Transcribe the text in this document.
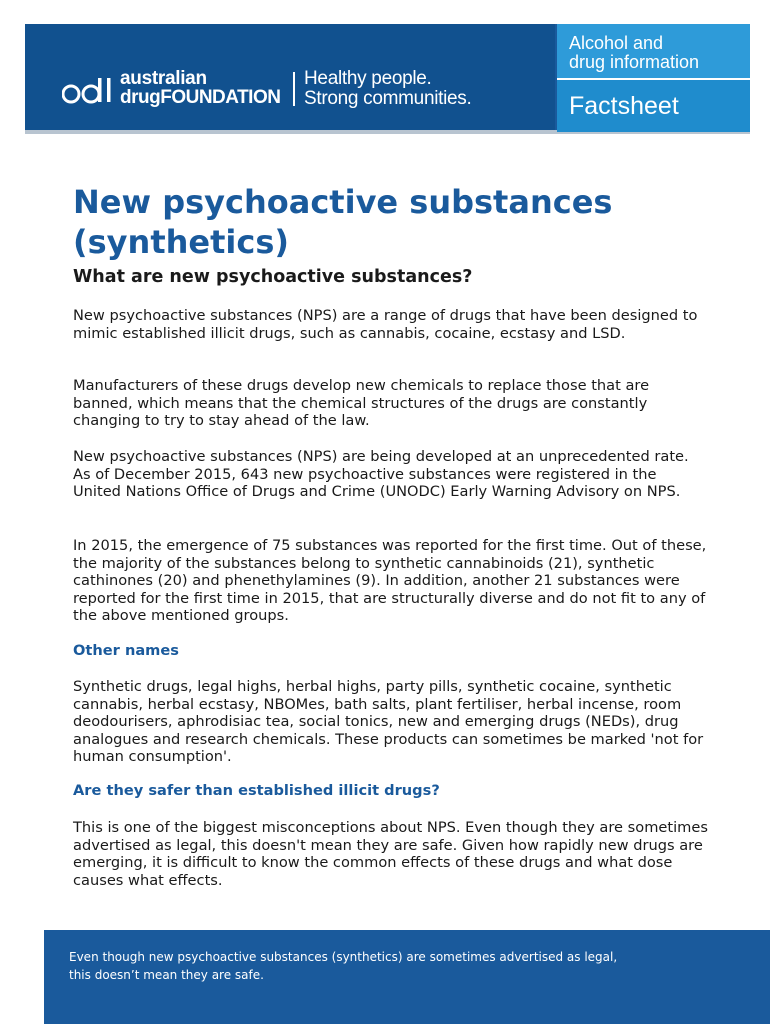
australian
drugFOUNDATION
Healthy people.
Strong communities.
Alcohol and
drug information
Factsheet
New psychoactive substances (synthetics)
What are new psychoactive substances?

New psychoactive substances (NPS) are a range of drugs that have been designed to mimic established illicit drugs, such as cannabis, cocaine, ecstasy and LSD.

Manufacturers of these drugs develop new chemicals to replace those that are banned, which means that the chemical structures of the drugs are constantly changing to try to stay ahead of the law.

New psychoactive substances (NPS) are being developed at an unprecedented rate. As of December 2015, 643 new psychoactive substances were registered in the United Nations Office of Drugs and Crime (UNODC) Early Warning Advisory on NPS.

In 2015, the emergence of 75 substances was reported for the first time. Out of these, the majority of the substances belong to synthetic cannabinoids (21), synthetic cathinones (20) and phenethylamines (9). In addition, another 21 substances were reported for the first time in 2015, that are structurally diverse and do not fit to any of the above mentioned groups.

Other names

Synthetic drugs, legal highs, herbal highs, party pills, synthetic cocaine, synthetic cannabis, herbal ecstasy, NBOMes, bath salts, plant fertiliser, herbal incense, room deodourisers, aphrodisiac tea, social tonics, new and emerging drugs (NEDs), drug analogues and research chemicals. These products can sometimes be marked 'not for human consumption'.

Are they safer than established illicit drugs?

This is one of the biggest misconceptions about NPS. Even though they are sometimes advertised as legal, this doesn't mean they are safe. Given how rapidly new drugs are emerging, it is difficult to know the common effects of these drugs and what dose causes what effects.

Even though new psychoactive substances (synthetics) are sometimes advertised as legal, this doesn’t mean they are safe.
